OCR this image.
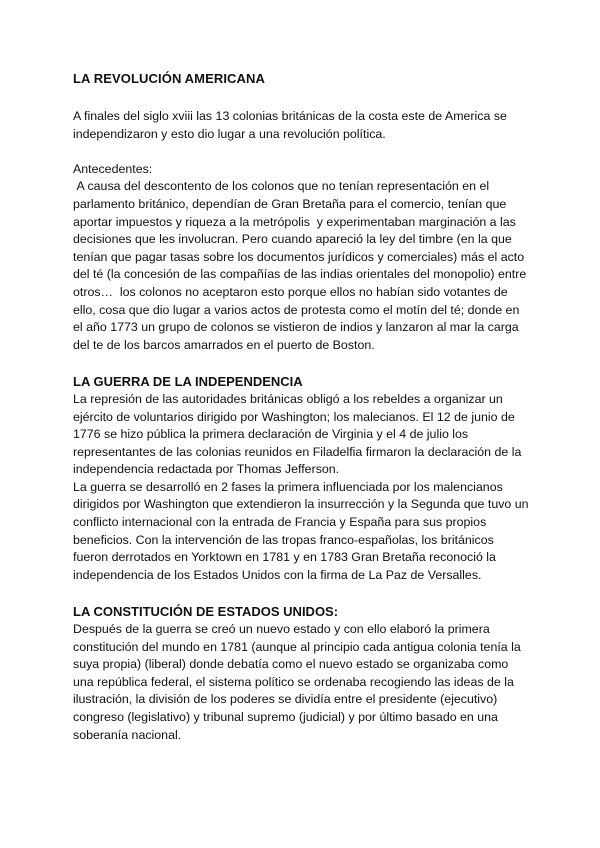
LA REVOLUCIÓN AMERICANA

A finales del siglo xviii las 13 colonias británicas de la costa este de America se independizaron y esto dio lugar a una revolución política.

Antecedentes:

A causa del descontento de los colonos que no tenían representación en el parlamento británico, dependían de Gran Bretaña para el comercio, tenían que aportar impuestos y riqueza a la metrópolis  y experimentaban marginación a las decisiones que les involucran. Pero cuando apareció la ley del timbre (en la que tenían que pagar tasas sobre los documentos jurídicos y comerciales) más el acto del té (la concesión de las compañías de las indias orientales del monopolio) entre otros…  los colonos no aceptaron esto porque ellos no habían sido votantes de ello, cosa que dio lugar a varios actos de protesta como el motín del té; donde en el año 1773 un grupo de colonos se vistieron de indios y lanzaron al mar la carga del te de los barcos amarrados en el puerto de Boston.

LA GUERRA DE LA INDEPENDENCIA

La represión de las autoridades británicas obligó a los rebeldes a organizar un ejército de voluntarios dirigido por Washington; los malecianos. El 12 de junio de 1776 se hizo pública la primera declaración de Virginia y el 4 de julio los representantes de las colonias reunidos en Filadelfia firmaron la declaración de la independencia redactada por Thomas Jefferson.

La guerra se desarrolló en 2 fases la primera influenciada por los malencianos dirigidos por Washington que extendieron la insurrección y la Segunda que tuvo un conflicto internacional con la entrada de Francia y España para sus propios beneficios. Con la intervención de las tropas franco-españolas, los británicos fueron derrotados en Yorktown en 1781 y en 1783 Gran Bretaña reconoció la independencia de los Estados Unidos con la firma de La Paz de Versalles.

LA CONSTITUCIÓN DE ESTADOS UNIDOS:

Después de la guerra se creó un nuevo estado y con ello elaboró la primera constitución del mundo en 1781 (aunque al principio cada antigua colonia tenía la suya propia) (liberal) donde debatía como el nuevo estado se organizaba como una república federal, el sistema político se ordenaba recogiendo las ideas de la ilustración, la división de los poderes se dividía entre el presidente (ejecutivo) congreso (legislativo) y tribunal supremo (judicial) y por último basado en una soberanía nacional.
